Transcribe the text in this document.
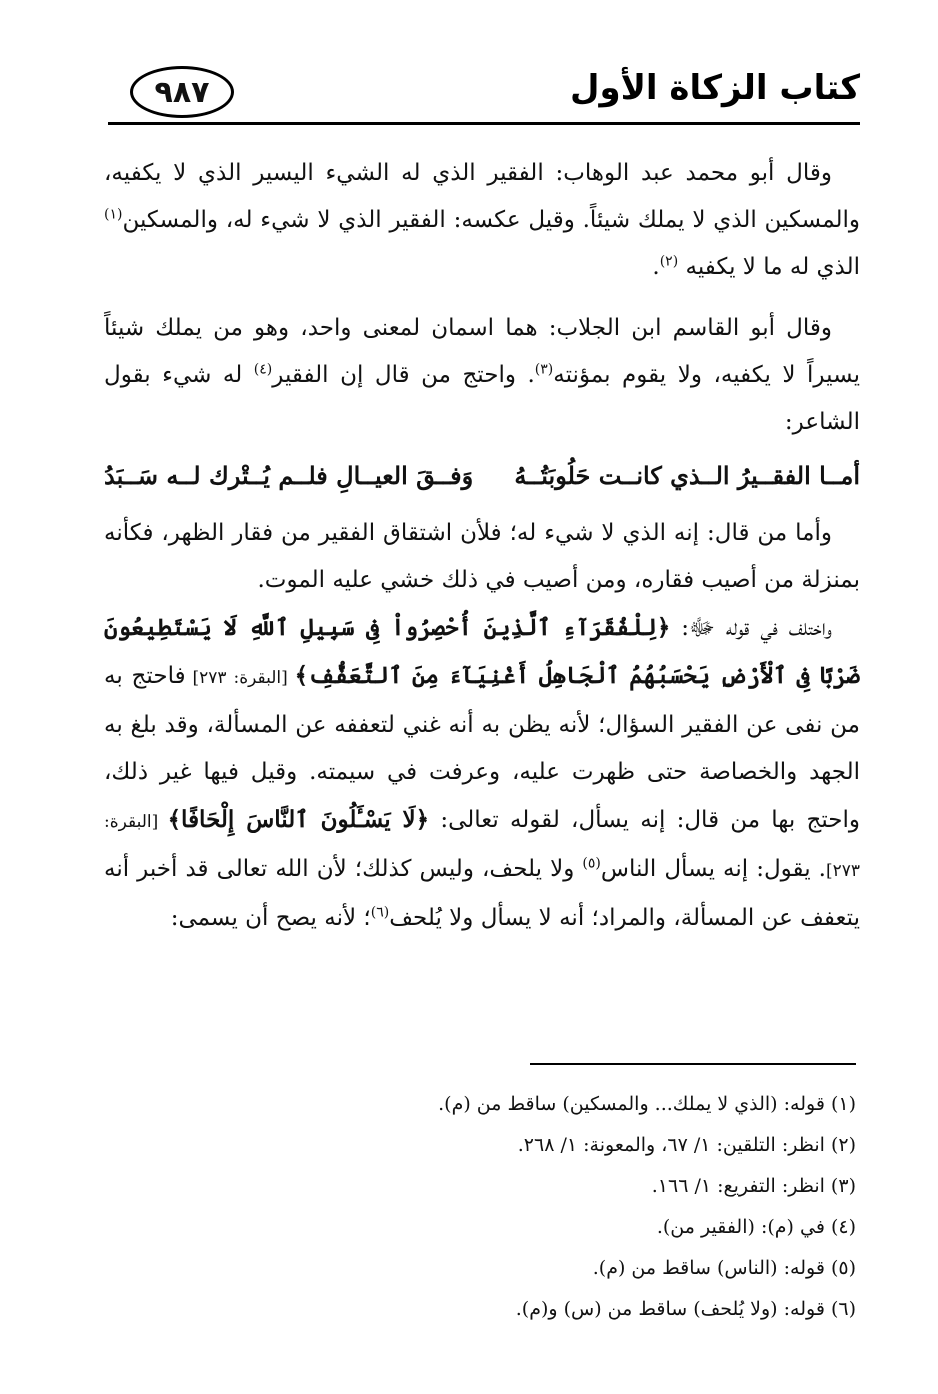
كتاب الزكاة الأول
٩٨٧

وقال أبو محمد عبد الوهاب: الفقير الذي له الشيء اليسير الذي لا يكفيه، والمسكين الذي لا يملك شيئاً. وقيل عكسه: الفقير الذي لا شيء له، والمسكين$^{(١)}$ الذي له ما لا يكفيه $^{(٢)}$.

وقال أبو القاسم ابن الجلاب: هما اسمان لمعنى واحد، وهو من يملك شيئاً يسيراً لا يكفيه، ولا يقوم بمؤنته$^{(٣)}$. واحتج من قال إن الفقير$^{(٤)}$ له شيء بقول الشاعر:

أمــا الفقــيرُ الــذي كانــت حَلُوبَتُــهُ
وَفــقَ العيــالِ فلــم يُــتْرك لــه سَــبَدُ

وأما من قال: إنه الذي لا شيء له؛ فلأن اشتقاق الفقير من فقار الظهر، فكأنه بمنزلة من أصيب فقاره، ومن أصيب في ذلك خشي عليه الموت.

واختلف في قوله ﷻ: ﴿لِلْفُقَرَآءِ ٱلَّذِينَ أُحْصِرُواْ فِى سَبِيلِ ٱللَّهِ لَا يَسْتَطِيعُونَ ضَرْبًا فِى ٱلْأَرْضِ يَحْسَبُهُمُ ٱلْجَاهِلُ أَغْنِيَآءَ مِنَ ٱلتَّعَفُّفِ﴾ [البقرة: ٢٧٣] فاحتج به من نفى عن الفقير السؤال؛ لأنه يظن به أنه غني لتعففه عن المسألة، وقد بلغ به الجهد والخصاصة حتى ظهرت عليه، وعرفت في سيمته. وقيل فيها غير ذلك، واحتج بها من قال: إنه يسأل، لقوله تعالى: ﴿لَا يَسْـَٔلُونَ ٱلنَّاسَ إِلْحَافًا﴾ [البقرة: ٢٧٣]. يقول: إنه يسأل الناس$^{(٥)}$ ولا يلحف، وليس كذلك؛ لأن الله تعالى قد أخبر أنه يتعفف عن المسألة، والمراد؛ أنه لا يسأل ولا يُلحف$^{(٦)}$؛ لأنه يصح أن يسمى:

(١) قوله: (الذي لا يملك... والمسكين) ساقط من (م).

(٢) انظر: التلقين: ١/ ٦٧، والمعونة: ١/ ٢٦٨.

(٣) انظر: التفريع: ١/ ١٦٦.

(٤) في (م): (الفقير من).

(٥) قوله: (الناس) ساقط من (م).

(٦) قوله: (ولا يُلحف) ساقط من (س) و(م).
